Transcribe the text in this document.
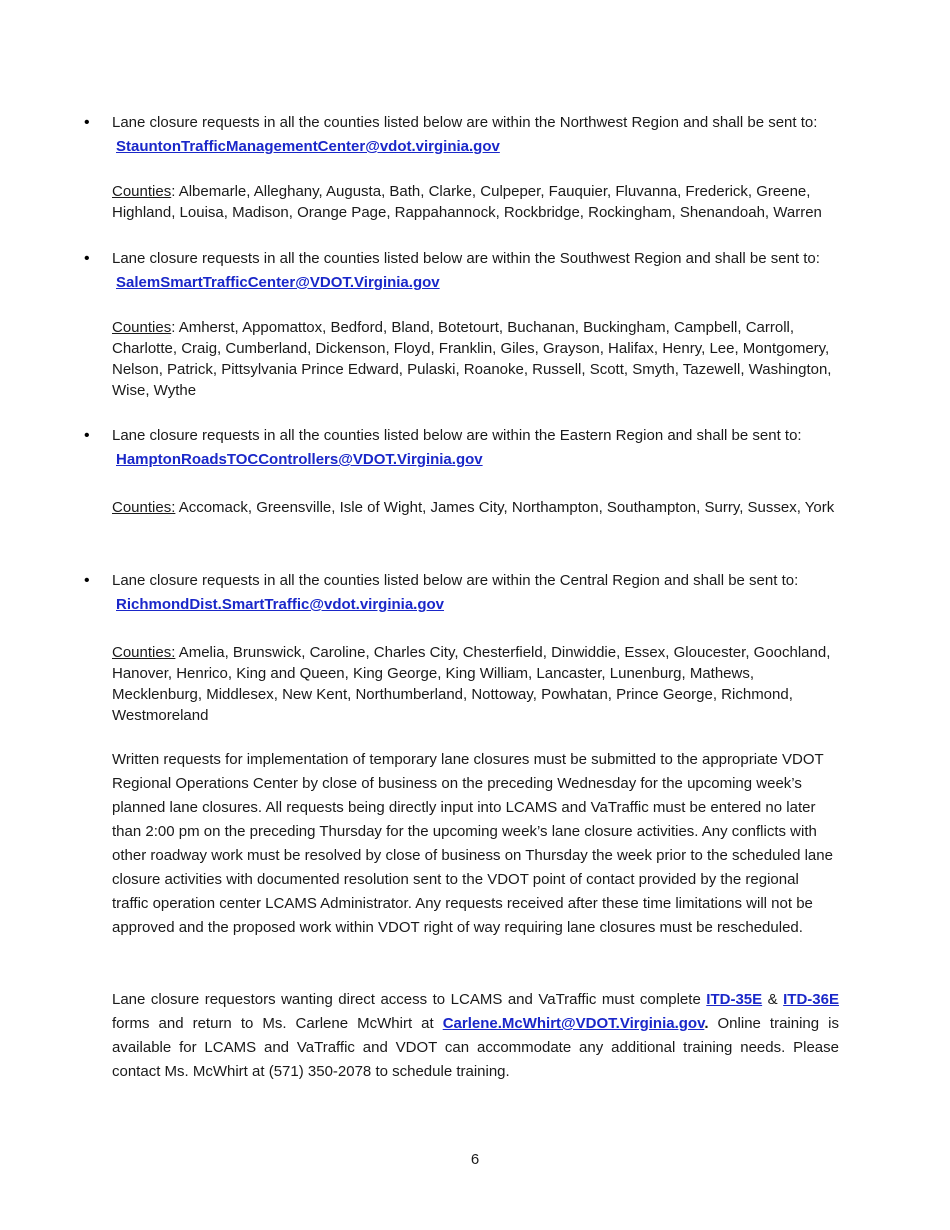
• Lane closure requests in all the counties listed below are within the Northwest Region and shall be sent to: StauntonTrafficManagementCenter@vdot.virginia.gov
Counties: Albemarle, Alleghany, Augusta, Bath, Clarke, Culpeper, Fauquier, Fluvanna, Frederick, Greene, Highland, Louisa, Madison, Orange Page, Rappahannock, Rockbridge, Rockingham, Shenandoah, Warren
• Lane closure requests in all the counties listed below are within the Southwest Region and shall be sent to: SalemSmartTrafficCenter@VDOT.Virginia.gov
Counties: Amherst, Appomattox, Bedford, Bland, Botetourt, Buchanan, Buckingham, Campbell, Carroll, Charlotte, Craig, Cumberland, Dickenson, Floyd, Franklin, Giles, Grayson, Halifax, Henry, Lee, Montgomery, Nelson, Patrick, Pittsylvania Prince Edward, Pulaski, Roanoke, Russell, Scott, Smyth, Tazewell, Washington, Wise, Wythe
• Lane closure requests in all the counties listed below are within the Eastern Region and shall be sent to: HamptonRoadsTOCControllers@VDOT.Virginia.gov
Counties: Accomack, Greensville, Isle of Wight, James City, Northampton, Southampton, Surry, Sussex, York
• Lane closure requests in all the counties listed below are within the Central Region and shall be sent to: RichmondDist.SmartTraffic@vdot.virginia.gov
Counties: Amelia, Brunswick, Caroline, Charles City, Chesterfield, Dinwiddie, Essex, Gloucester, Goochland, Hanover, Henrico, King and Queen, King George, King William, Lancaster, Lunenburg, Mathews, Mecklenburg, Middlesex, New Kent, Northumberland, Nottoway, Powhatan, Prince George, Richmond, Westmoreland
Written requests for implementation of temporary lane closures must be submitted to the appropriate VDOT Regional Operations Center by close of business on the preceding Wednesday for the upcoming week’s planned lane closures. All requests being directly input into LCAMS and VaTraffic must be entered no later than 2:00 pm on the preceding Thursday for the upcoming week’s lane closure activities. Any conflicts with other roadway work must be resolved by close of business on Thursday the week prior to the scheduled lane closure activities with documented resolution sent to the VDOT point of contact provided by the regional traffic operation center LCAMS Administrator. Any requests received after these time limitations will not be approved and the proposed work within VDOT right of way requiring lane closures must be rescheduled.
Lane closure requestors wanting direct access to LCAMS and VaTraffic must complete ITD-35E & ITD-36E forms and return to Ms. Carlene McWhirt at Carlene.McWhirt@VDOT.Virginia.gov. Online training is available for LCAMS and VaTraffic and VDOT can accommodate any additional training needs. Please contact Ms. McWhirt at (571) 350-2078 to schedule training.
6
